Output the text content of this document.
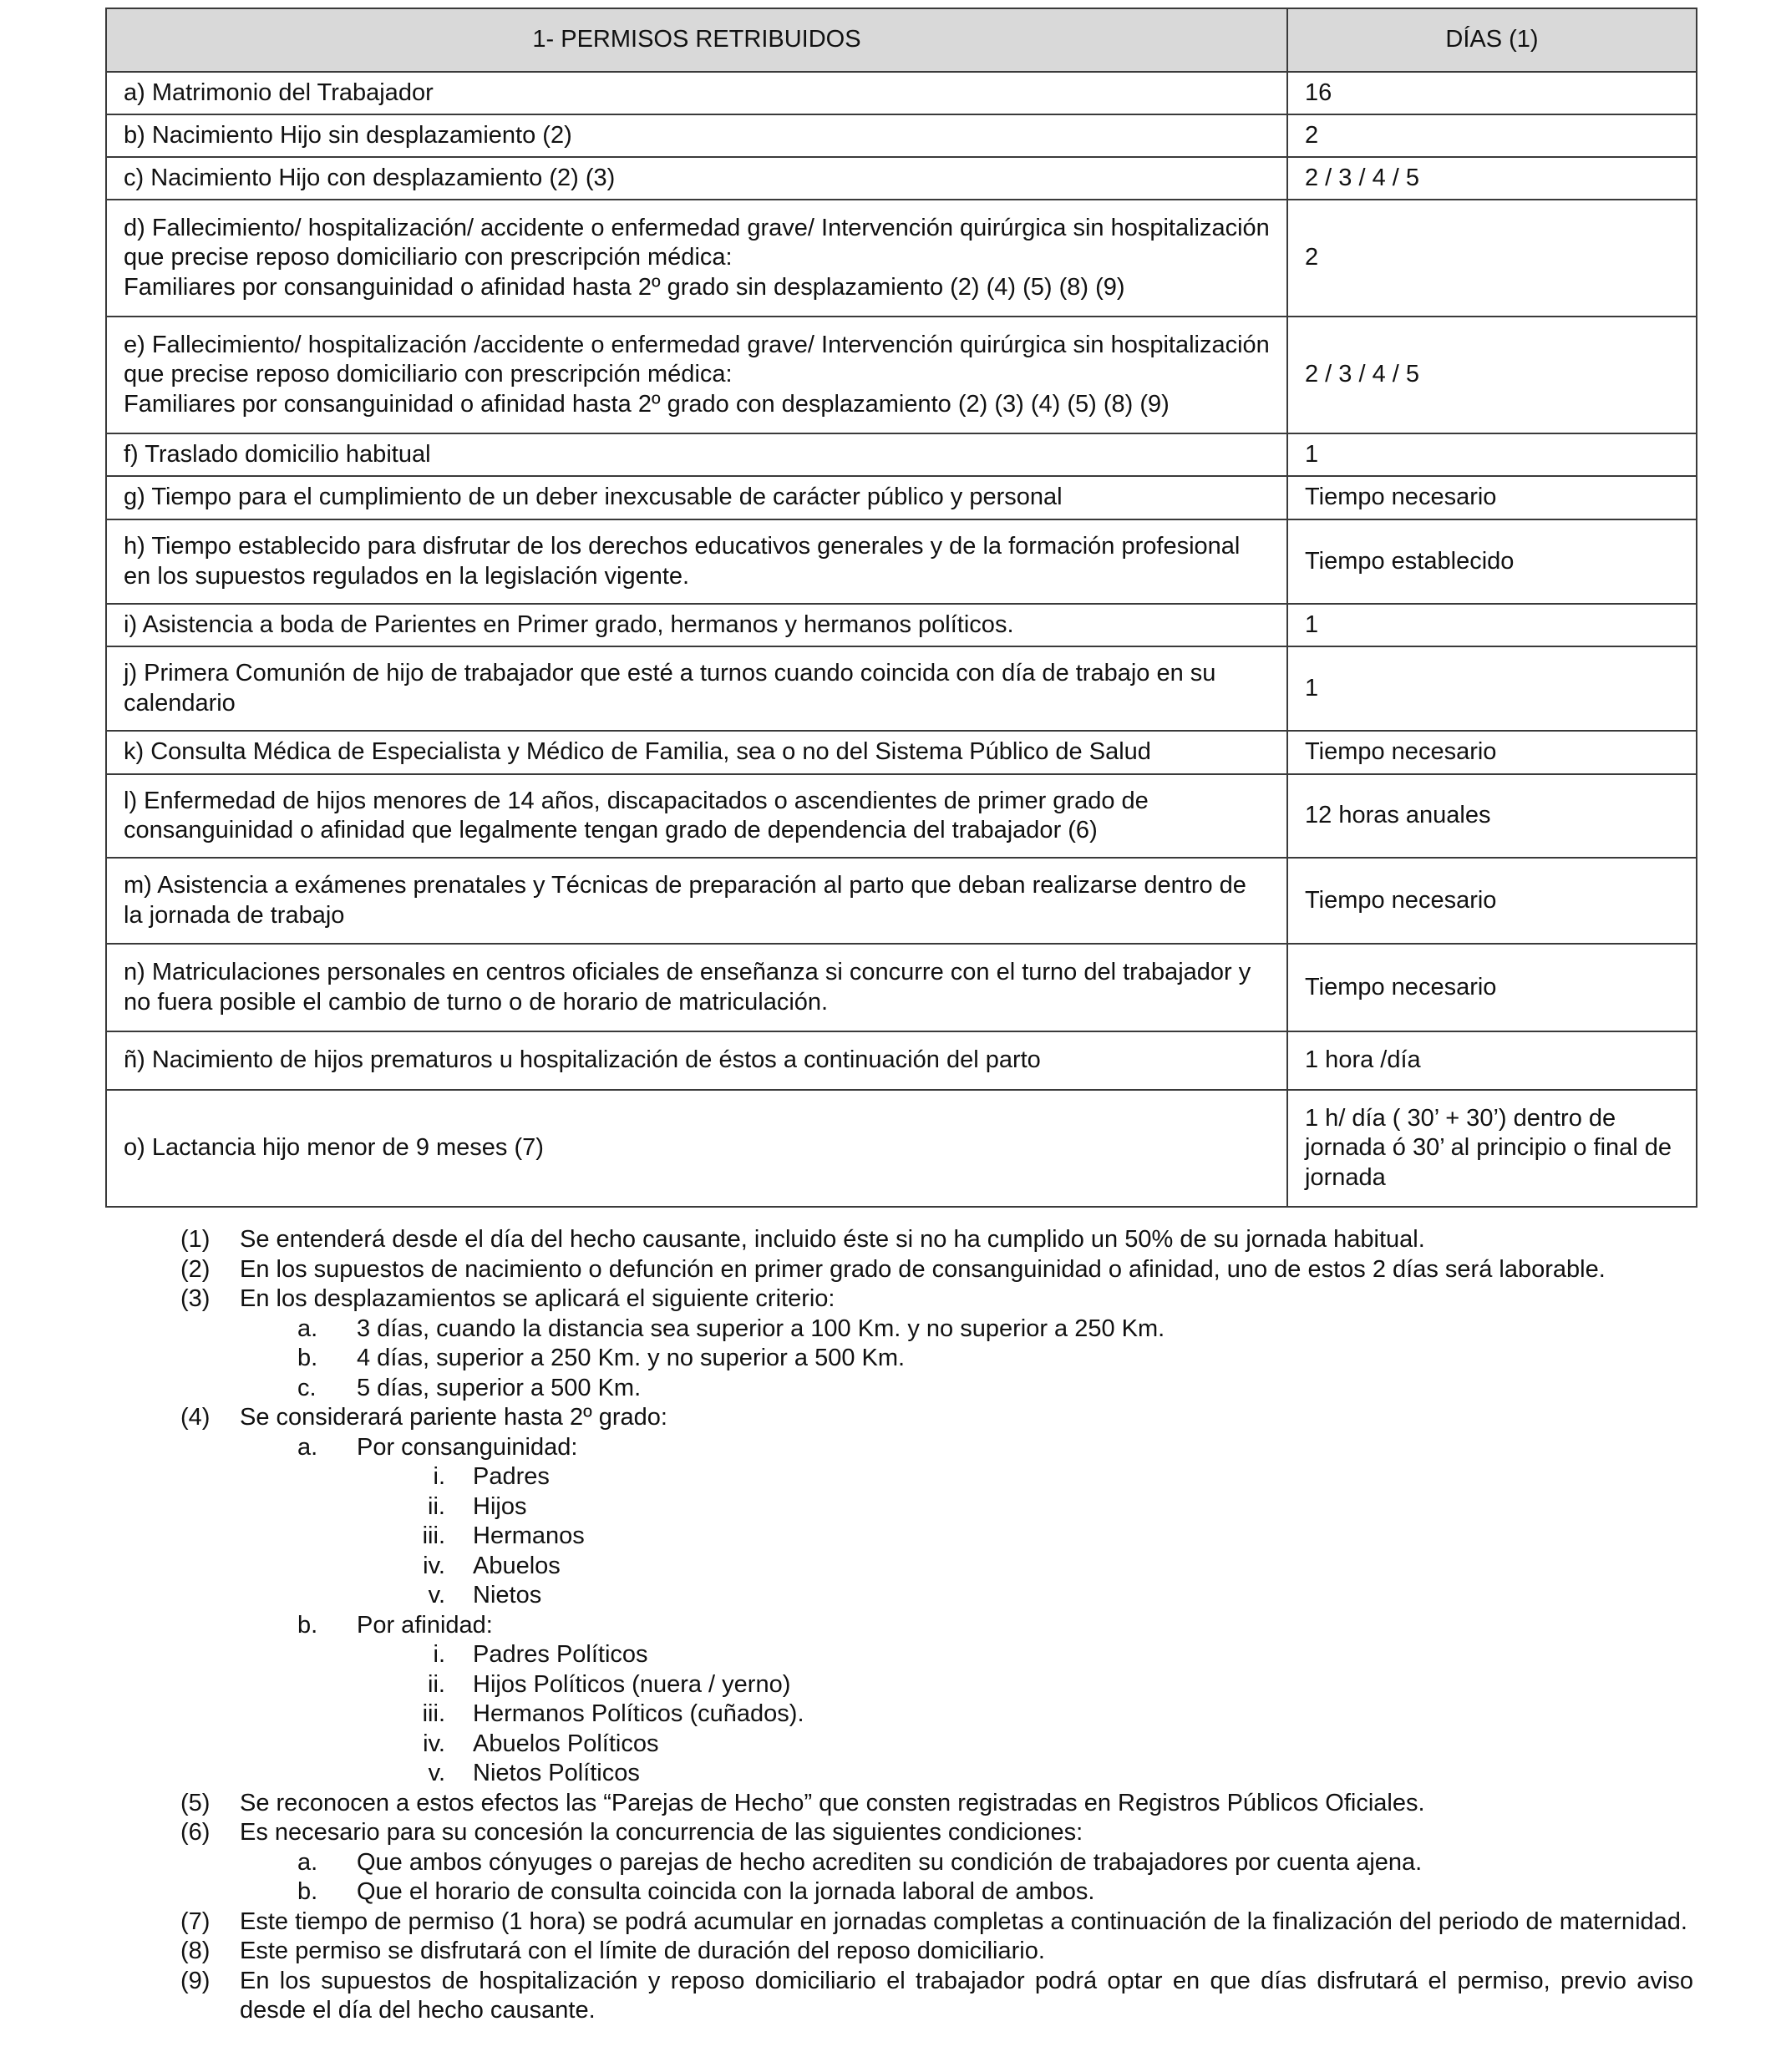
1- PERMISOS RETRIBUIDOS	DÍAS (1)
a) Matrimonio del Trabajador	16
b) Nacimiento Hijo sin desplazamiento (2)	2
c) Nacimiento Hijo con desplazamiento (2) (3)	2 / 3 / 4 / 5
d) Fallecimiento/ hospitalización/ accidente o enfermedad grave/ Intervención quirúrgica sin hospitalización que precise reposo domiciliario con prescripción médica:
Familiares por consanguinidad o afinidad hasta 2º grado sin desplazamiento (2) (4) (5) (8) (9)	2
e) Fallecimiento/ hospitalización /accidente o enfermedad grave/ Intervención quirúrgica sin hospitalización que precise reposo domiciliario con prescripción médica:
Familiares por consanguinidad o afinidad hasta 2º grado con desplazamiento (2) (3) (4) (5) (8) (9)	2 / 3 / 4 / 5
f) Traslado domicilio habitual	1
g) Tiempo para el cumplimiento de un deber inexcusable de carácter público y personal	Tiempo necesario
h) Tiempo establecido para disfrutar de los derechos educativos generales y de la formación profesional en los supuestos regulados en la legislación vigente.	Tiempo establecido
i) Asistencia a boda de Parientes en Primer grado, hermanos y hermanos políticos.	1
j) Primera Comunión de hijo de trabajador que esté a turnos cuando coincida con día de trabajo en su calendario	1
k) Consulta Médica de Especialista y Médico de Familia, sea o no del Sistema Público de Salud	Tiempo necesario
l) Enfermedad de hijos menores de 14 años, discapacitados o ascendientes de primer grado de consanguinidad o afinidad que legalmente tengan grado de dependencia del trabajador (6)	12 horas anuales
m) Asistencia a exámenes prenatales y Técnicas de preparación al parto que deban realizarse dentro de la jornada de trabajo	Tiempo necesario
n) Matriculaciones personales en centros oficiales de enseñanza si concurre con el turno del trabajador y no fuera posible el cambio de turno o de horario de matriculación.	Tiempo necesario
ñ) Nacimiento de hijos prematuros u hospitalización de éstos a continuación del parto	1 hora /día
o) Lactancia hijo menor de 9 meses (7)	1 h/ día ( 30’ + 30’) dentro de jornada ó 30’ al principio o final de jornada
(1)	Se entenderá desde el día del hecho causante, incluido éste si no ha cumplido un 50% de su jornada habitual.
(2)	En los supuestos de nacimiento o defunción en primer grado de consanguinidad o afinidad, uno de estos 2 días será laborable.
(3)	En los desplazamientos se aplicará el siguiente criterio:
a.	3 días, cuando la distancia sea superior a 100 Km. y no superior a 250 Km.
b.	4 días, superior a 250 Km. y no superior a 500 Km.
c.	5 días, superior a 500 Km.
(4)	Se considerará pariente hasta 2º grado:
a.	Por consanguinidad:
i. Padres
ii. Hijos
iii. Hermanos
iv. Abuelos
v. Nietos
b.	Por afinidad:
i. Padres Políticos
ii. Hijos Políticos (nuera / yerno)
iii. Hermanos Políticos (cuñados).
iv. Abuelos Políticos
v. Nietos Políticos
(5)	Se reconocen a estos efectos las “Parejas de Hecho” que consten registradas en Registros Públicos Oficiales.
(6)	Es necesario para su concesión la concurrencia de las siguientes condiciones:
a.	Que ambos cónyuges o parejas de hecho acrediten su condición de trabajadores por cuenta ajena.
b.	Que el horario de consulta coincida con la jornada laboral de ambos.
(7)	Este tiempo de permiso (1 hora) se podrá acumular en jornadas completas a continuación de la finalización del periodo de maternidad.
(8)	Este permiso se disfrutará con el límite de duración del reposo domiciliario.
(9)	En los supuestos de hospitalización y reposo domiciliario el trabajador podrá optar en que días disfrutará el permiso, previo aviso desde el día del hecho causante.
